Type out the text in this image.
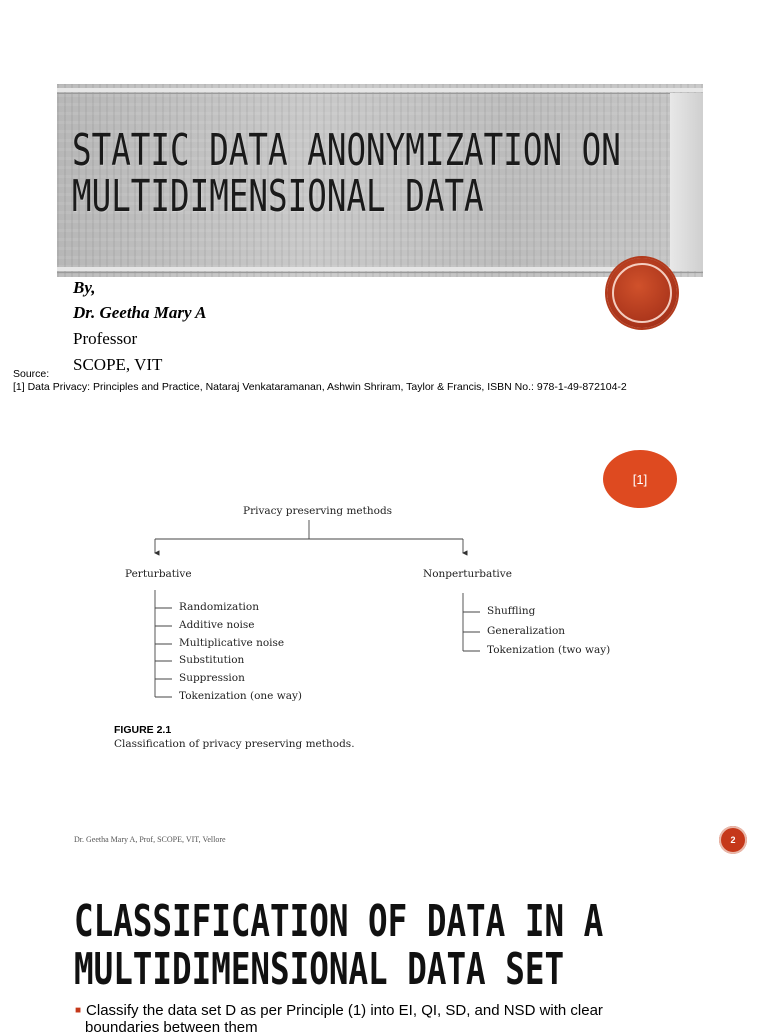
STATIC DATA ANONYMIZATION ON MULTIDIMENSIONAL DATA
By,
Dr. Geetha Mary A
Professor
SCOPE, VIT
Source:
[1] Data Privacy: Principles and Practice, Nataraj Venkataramanan, Ashwin Shriram, Taylor & Francis, ISBN No.: 978-1-49-872104-2
[1]
Privacy preserving methods
Perturbative	Nonperturbative
Randomization
Additive noise
Multiplicative noise
Substitution
Suppression
Tokenization (one way)
Shuffling
Generalization
Tokenization (two way)
FIGURE 2.1
Classification of privacy preserving methods.
Dr. Geetha Mary A, Prof, SCOPE, VIT, Vellore	2
CLASSIFICATION OF DATA IN A MULTIDIMENSIONAL DATA SET
■ Classify the data set D as per Principle (1) into EI, QI, SD, and NSD with clear
boundaries between them
